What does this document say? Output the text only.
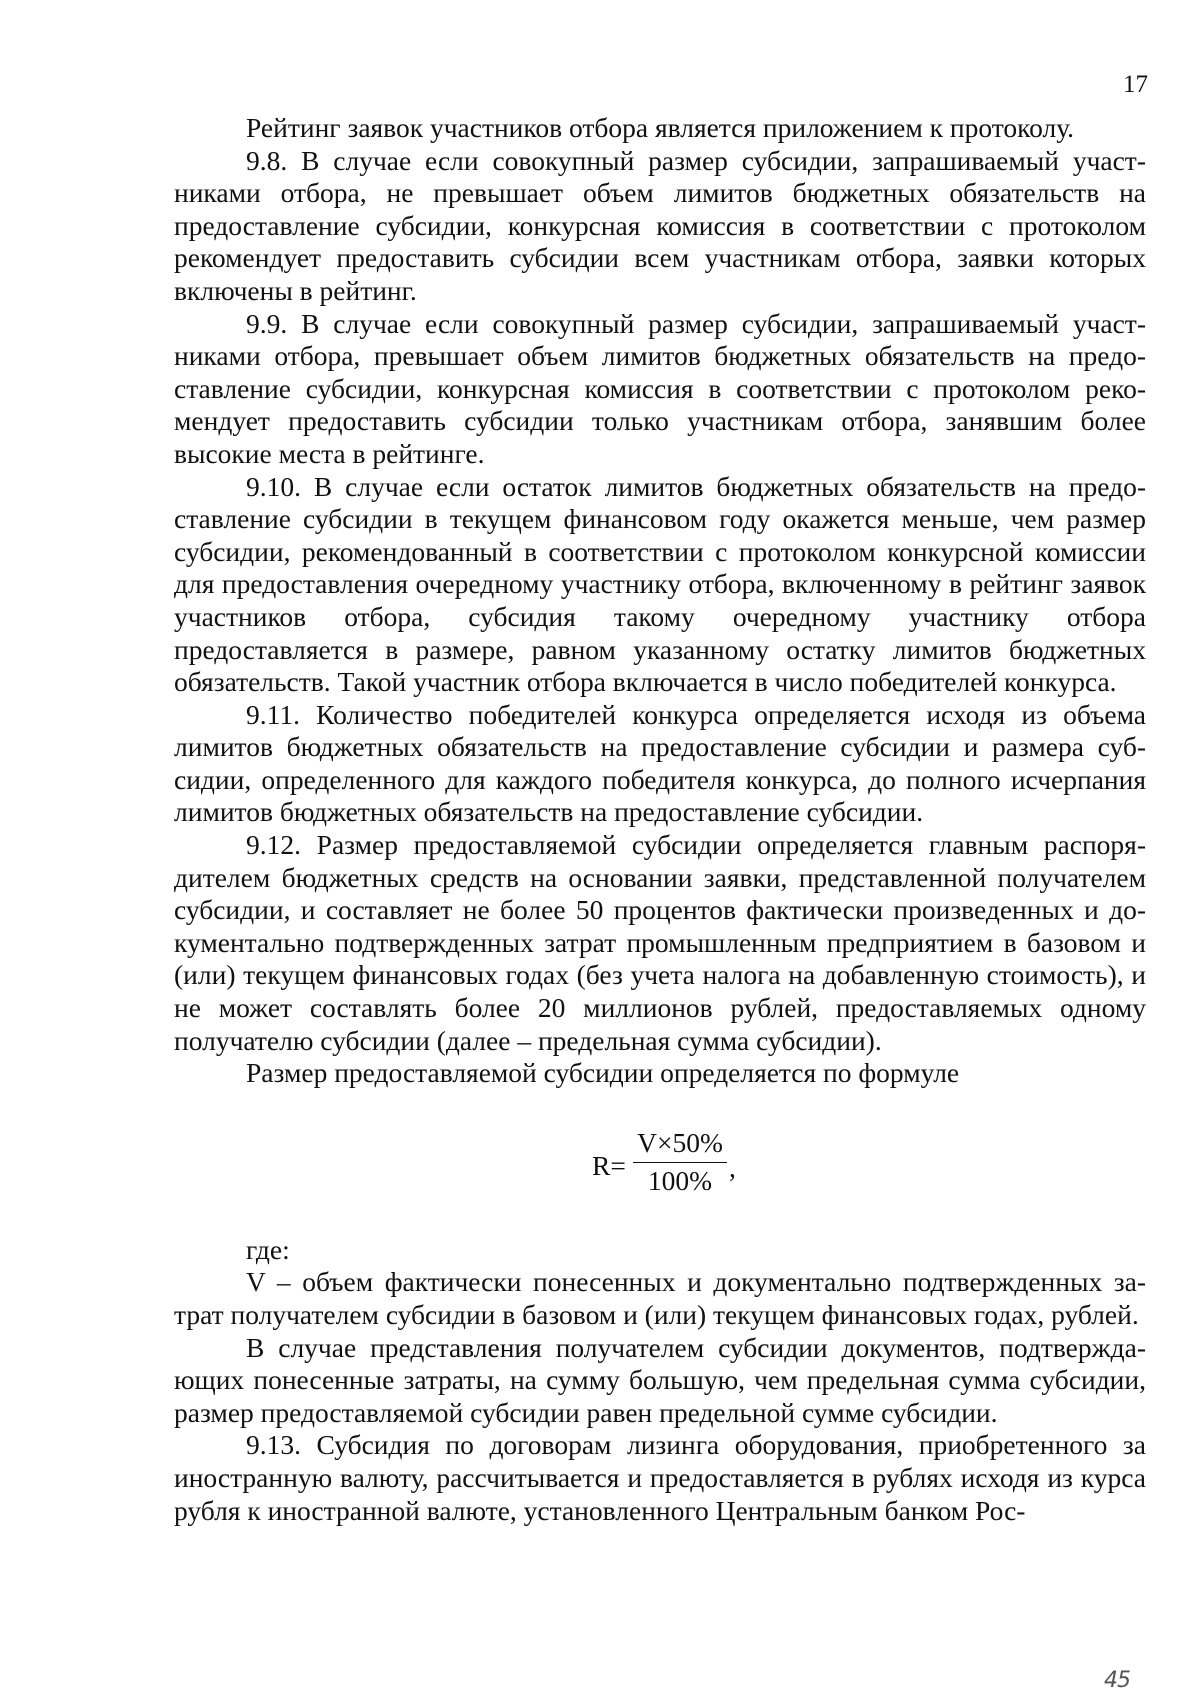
17

Рейтинг заявок участников отбора является приложением к протоколу.

9.8. В случае если совокупный размер субсидии, запрашиваемый участниками отбора, не превышает объем лимитов бюджетных обязательств на предоставление субсидии, конкурсная комиссия в соответствии с протоколом рекомендует предоставить субсидии всем участникам отбора, заявки которых включены в рейтинг.

9.9. В случае если совокупный размер субсидии, запрашиваемый участниками отбора, превышает объем лимитов бюджетных обязательств на предоставление субсидии, конкурсная комиссия в соответствии с протоколом рекомендует предоставить субсидии только участникам отбора, занявшим более высокие места в рейтинге.

9.10. В случае если остаток лимитов бюджетных обязательств на предоставление субсидии в текущем финансовом году окажется меньше, чем размер субсидии, рекомендованный в соответствии с протоколом конкурсной комиссии для предоставления очередному участнику отбора, включенному в рейтинг заявок участников отбора, субсидия такому очередному участнику отбора предоставляется в размере, равном указанному остатку лимитов бюджетных обязательств. Такой участник отбора включается в число победителей конкурса.

9.11. Количество победителей конкурса определяется исходя из объема лимитов бюджетных обязательств на предоставление субсидии и размера субсидии, определенного для каждого победителя конкурса, до полного исчерпания лимитов бюджетных обязательств на предоставление субсидии.

9.12. Размер предоставляемой субсидии определяется главным распорядителем бюджетных средств на основании заявки, представленной получателем субсидии, и составляет не более 50 процентов фактически произведенных и документально подтвержденных затрат промышленным предприятием в базовом и (или) текущем финансовых годах (без учета налога на добавленную стоимость), и не может составлять более 20 миллионов рублей, предоставляемых одному получателю субсидии (далее – предельная сумма субсидии).

Размер предоставляемой субсидии определяется по формуле

$R= \frac{V\times 50\%}{100\%}$ ,

где:

V – объем фактически понесенных и документально подтвержденных затрат получателем субсидии в базовом и (или) текущем финансовых годах, рублей.

В случае представления получателем субсидии документов, подтверждающих понесенные затраты, на сумму большую, чем предельная сумма субсидии, размер предоставляемой субсидии равен предельной сумме субсидии.

9.13. Субсидия по договорам лизинга оборудования, приобретенного за иностранную валюту, рассчитывается и предоставляется в рублях исходя из курса рубля к иностранной валюте, установленного Центральным банком Рос-

45
